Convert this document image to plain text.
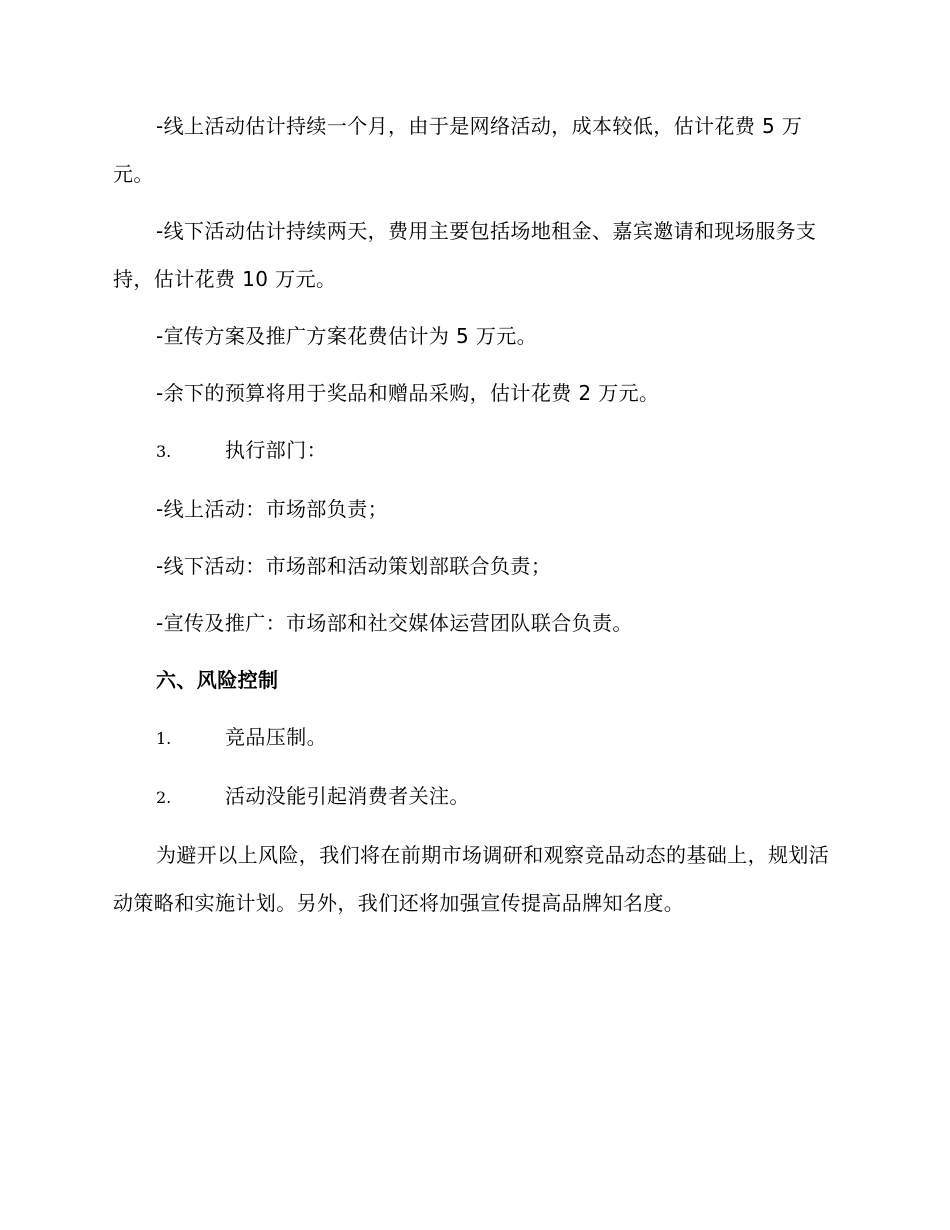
-线上活动估计持续一个月，由于是网络活动，成本较低，估计花费 5 万元。

-线下活动估计持续两天，费用主要包括场地租金、嘉宾邀请和现场服务支持，估计花费 10 万元。

-宣传方案及推广方案花费估计为 5 万元。

-余下的预算将用于奖品和赠品采购，估计花费 2 万元。

3.	执行部门：

-线上活动：市场部负责；

-线下活动：市场部和活动策划部联合负责；

-宣传及推广：市场部和社交媒体运营团队联合负责。

六、风险控制

1.	竞品压制。
2.	活动没能引起消费者关注。

为避开以上风险，我们将在前期市场调研和观察竞品动态的基础上，规划活动策略和实施计划。另外，我们还将加强宣传提高品牌知名度。
